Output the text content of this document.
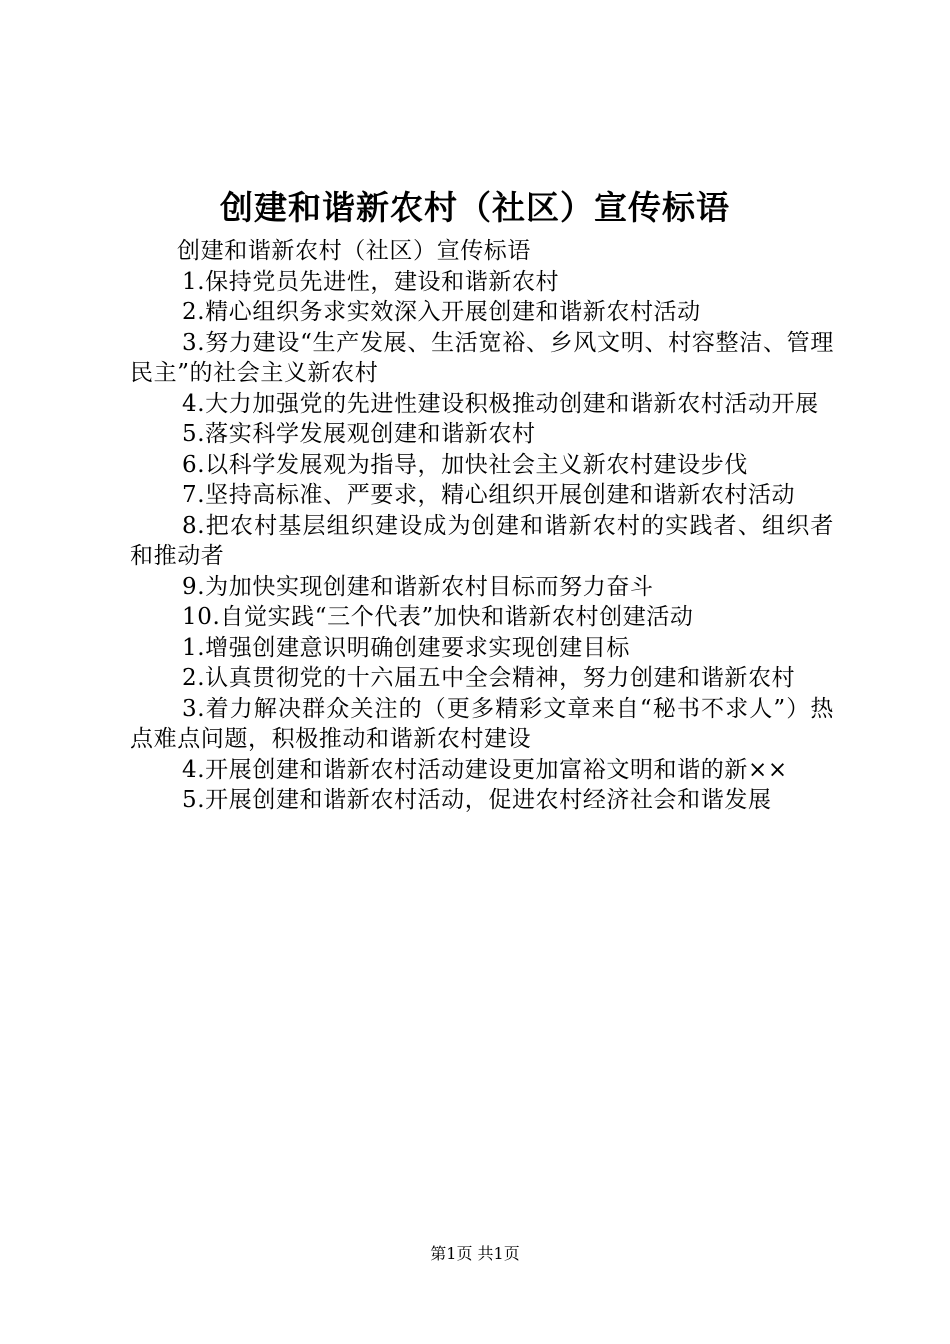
创建和谐新农村（社区）宣传标语

创建和谐新农村（社区）宣传标语

1.保持党员先进性，建设和谐新农村

2.精心组织务求实效深入开展创建和谐新农村活动

3.努力建设“生产发展、生活宽裕、乡风文明、村容整洁、管理民主”的社会主义新农村

4.大力加强党的先进性建设积极推动创建和谐新农村活动开展

5.落实科学发展观创建和谐新农村

6.以科学发展观为指导，加快社会主义新农村建设步伐

7.坚持高标准、严要求，精心组织开展创建和谐新农村活动

8.把农村基层组织建设成为创建和谐新农村的实践者、组织者和推动者

9.为加快实现创建和谐新农村目标而努力奋斗

10.自觉实践“三个代表”加快和谐新农村创建活动

1.增强创建意识明确创建要求实现创建目标

2.认真贯彻党的十六届五中全会精神，努力创建和谐新农村

3.着力解决群众关注的（更多精彩文章来自“秘书不求人”）热点难点问题，积极推动和谐新农村建设

4.开展创建和谐新农村活动建设更加富裕文明和谐的新××

5.开展创建和谐新农村活动，促进农村经济社会和谐发展

第1页 共1页
